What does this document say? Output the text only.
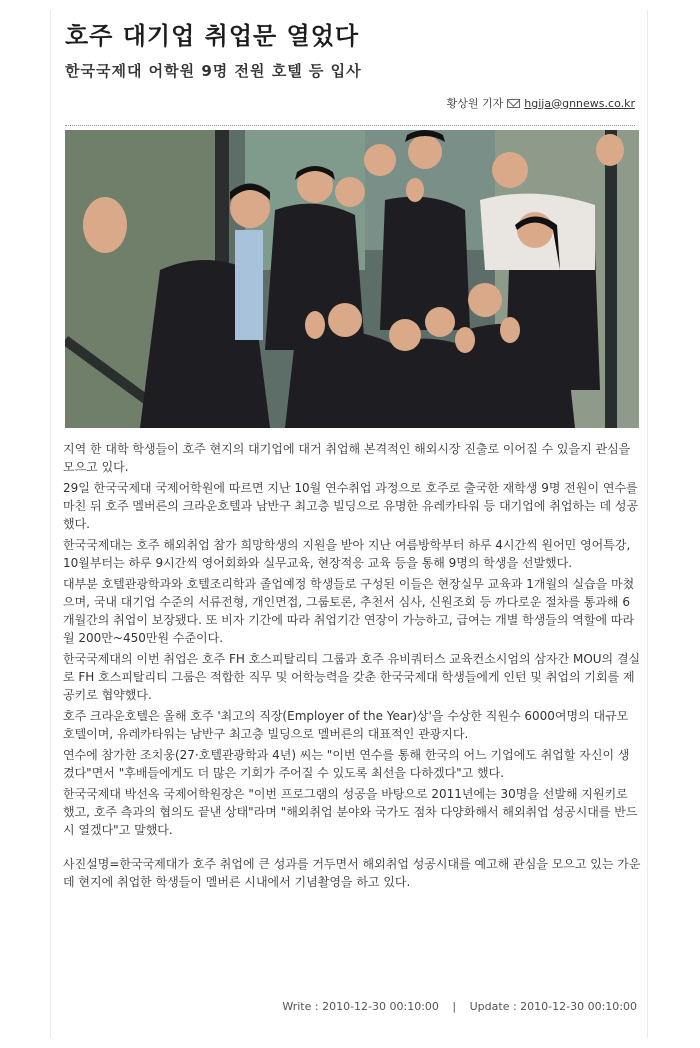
호주 대기업 취업문 열었다
한국국제대 어학원 9명 전원 호텔 등 입사
황상원 기자 hgija@gnnews.co.kr

지역 한 대학 학생들이 호주 현지의 대기업에 대거 취업해 본격적인 해외시장 진출로 이어질 수 있을지 관심을 모으고 있다.

29일 한국국제대 국제어학원에 따르면 지난 10월 연수취업 과정으로 호주로 출국한 재학생 9명 전원이 연수를 마친 뒤 호주 멜버른의 크라운호텔과 남반구 최고층 빌딩으로 유명한 유레카타워 등 대기업에 취업하는 데 성공했다.

한국국제대는 호주 해외취업 참가 희망학생의 지원을 받아 지난 여름방학부터 하루 4시간씩 원어민 영어특강, 10월부터는 하루 9시간씩 영어회화와 실무교육, 현장적응 교육 등을 통해 9명의 학생을 선발했다.

대부분 호텔관광학과와 호텔조리학과 졸업예정 학생들로 구성된 이들은 현장실무 교육과 1개월의 실습을 마쳤으며, 국내 대기업 수준의 서류전형, 개인면접, 그룹토론, 추천서 심사, 신원조회 등 까다로운 절차를 통과해 6개월간의 취업이 보장됐다. 또 비자 기간에 따라 취업기간 연장이 가능하고, 급여는 개별 학생들의 역할에 따라 월 200만~450만원 수준이다.

한국국제대의 이번 취업은 호주 FH 호스피탈리티 그룹과 호주 유비쿼터스 교육컨소시엄의 삼자간 MOU의 결실로 FH 호스피탈리티 그룹은 적합한 직무 및 어학능력을 갖춘 한국국제대 학생들에게 인턴 및 취업의 기회를 제공키로 협약했다.

호주 크라운호텔은 올해 호주 '최고의 직장(Employer of the Year)상'을 수상한 직원수 6000여명의 대규모 호텔이며, 유레카타워는 남반구 최고층 빌딩으로 멜버른의 대표적인 관광지다.

연수에 참가한 조치웅(27·호텔관광학과 4년) 씨는 "이번 연수를 통해 한국의 어느 기업에도 취업할 자신이 생겼다"면서 "후배들에게도 더 많은 기회가 주어질 수 있도록 최선을 다하겠다"고 했다.

한국국제대 박선옥 국제어학원장은 "이번 프로그램의 성공을 바탕으로 2011년에는 30명을 선발해 지원키로 했고, 호주 측과의 협의도 끝낸 상태"라며 "해외취업 분야와 국가도 점차 다양화해서 해외취업 성공시대를 반드시 열겠다"고 말했다.

사진설명=한국국제대가 호주 취업에 큰 성과를 거두면서 해외취업 성공시대를 예고해 관심을 모으고 있는 가운데 현지에 취업한 학생들이 멜버른 시내에서 기념촬영을 하고 있다.

Write : 2010-12-30 00:10:00 | Update : 2010-12-30 00:10:00
